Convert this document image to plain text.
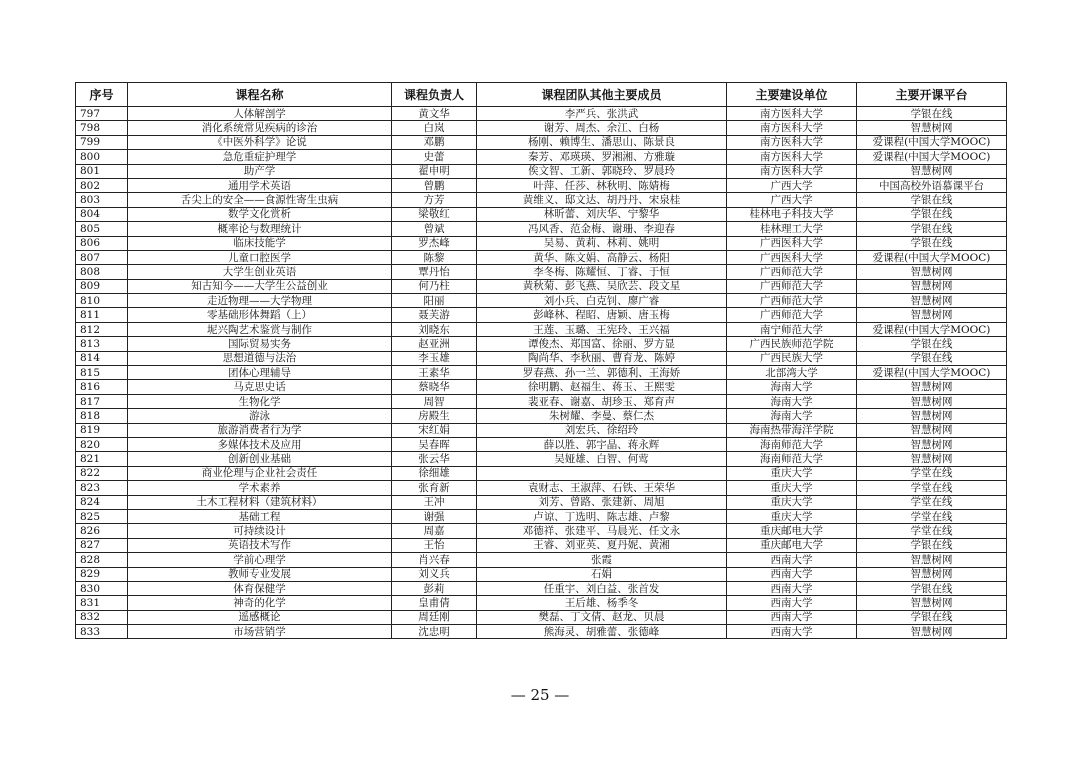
序号	课程名称	课程负责人	课程团队其他主要成员	主要建设单位	主要开课平台
797	人体解剖学	黄文华	李严兵、张洪武	南方医科大学	学银在线
798	消化系统常见疾病的诊治	白岚	谢芳、周杰、余江、白杨	南方医科大学	智慧树网
799	《中医外科学》论说	邓鹏	杨刚、赖博生、潘思山、陈景良	南方医科大学	爱课程(中国大学MOOC)
800	急危重症护理学	史蕾	秦芳、邓瑛瑛、罗湘湘、方雅璇	南方医科大学	爱课程(中国大学MOOC)
801	助产学	翟申明	俟文智、工新、郭晓玲、罗晨玲	南方医科大学	智慧树网
802	通用学术英语	曾鹏	叶萍、任莎、林秋明、陈婧梅	广西大学	中国高校外语慕课平台
803	舌尖上的安全——食源性寄生虫病	方芳	黄维义、邸文达、胡丹丹、宋泉桂	广西大学	学银在线
804	数学文化赏析	梁敬红	林昕蕾、刘庆华、宁黎华	桂林电子科技大学	学银在线
805	概率论与数理统计	曾斌	冯风香、范金梅、谢珊、李迎春	桂林理工大学	学银在线
806	临床技能学	罗杰峰	吴易、黄莉、林莉、姚明	广西医科大学	学银在线
807	儿童口腔医学	陈黎	黄华、陈文娟、高静云、杨阳	广西医科大学	爱课程(中国大学MOOC)
808	大学生创业英语	覃丹怡	李冬梅、陈耀恒、丁睿、于恒	广西师范大学	智慧树网
809	知古知今——大学生公益创业	何乃柱	黄秋菊、彭飞燕、吴欣芸、段文星	广西师范大学	智慧树网
810	走近物理——大学物理	阳丽	刘小兵、白克钊、廖广睿	广西师范大学	智慧树网
811	零基础形体舞蹈（上）	聂芙游	彭峰林、程昭、唐颖、唐玉梅	广西师范大学	智慧树网
812	坭兴陶艺术鉴赏与制作	刘晓东	王莲、玉璐、王宪玲、王兴福	南宁师范大学	爱课程(中国大学MOOC)
813	国际贸易实务	赵亚洲	谭俊杰、郑国富、徐丽、罗方显	广西民族师范学院	学银在线
814	思想道德与法治	李玉雄	陶尚华、李秋丽、曹育龙、陈婷	广西民族大学	学银在线
815	团体心理辅导	王素华	罗春燕、孙一兰、郭德利、王海娇	北部湾大学	爱课程(中国大学MOOC)
816	马克思史话	蔡晓华	徐明鹏、赵福生、蒋玉、王熙雯	海南大学	智慧树网
817	生物化学	周智	裴亚春、谢嘉、胡珍玉、郑育声	海南大学	智慧树网
818	游泳	房殿生	朱树耀、李曼、蔡仁杰	海南大学	智慧树网
819	旅游消费者行为学	宋红娟	刘宏兵、徐绍玲	海南热带海洋学院	智慧树网
820	多媒体技术及应用	吴春晖	薛以胜、郭宇晶、蒋永辉	海南师范大学	智慧树网
821	创新创业基础	张云华	吴娅雄、白智、何莺	海南师范大学	智慧树网
822	商业伦理与企业社会责任	徐细雄		重庆大学	学堂在线
823	学术素养	张育新	袁财志、王淑萍、石铁、王荣华	重庆大学	学堂在线
824	土木工程材料（建筑材料）	王冲	刘芳、曾路、张建新、周旭	重庆大学	学堂在线
825	基础工程	谢强	卢谅、丁选明、陈志雄、卢黎	重庆大学	学堂在线
826	可持续设计	周嘉	邓德祥、张建平、马晨光、任文永	重庆邮电大学	学堂在线
827	英语技术写作	王怡	王睿、刘亚英、夏丹妮、黄湘	重庆邮电大学	学银在线
828	学前心理学	肖兴春	张霞	西南大学	智慧树网
829	教师专业发展	刘义兵	石娟	西南大学	智慧树网
830	体育保健学	彭莉	任重宇、刘白益、张首发	西南大学	学银在线
831	神奇的化学	皇甫倩	王后雄、杨季冬	西南大学	智慧树网
832	遥感概论	周廷刚	樊磊、丁文倩、赵龙、贝晨	西南大学	学银在线
833	市场营销学	沈忠明	熊海灵、胡雅蕾、张德峰	西南大学	智慧树网
— 25 —
